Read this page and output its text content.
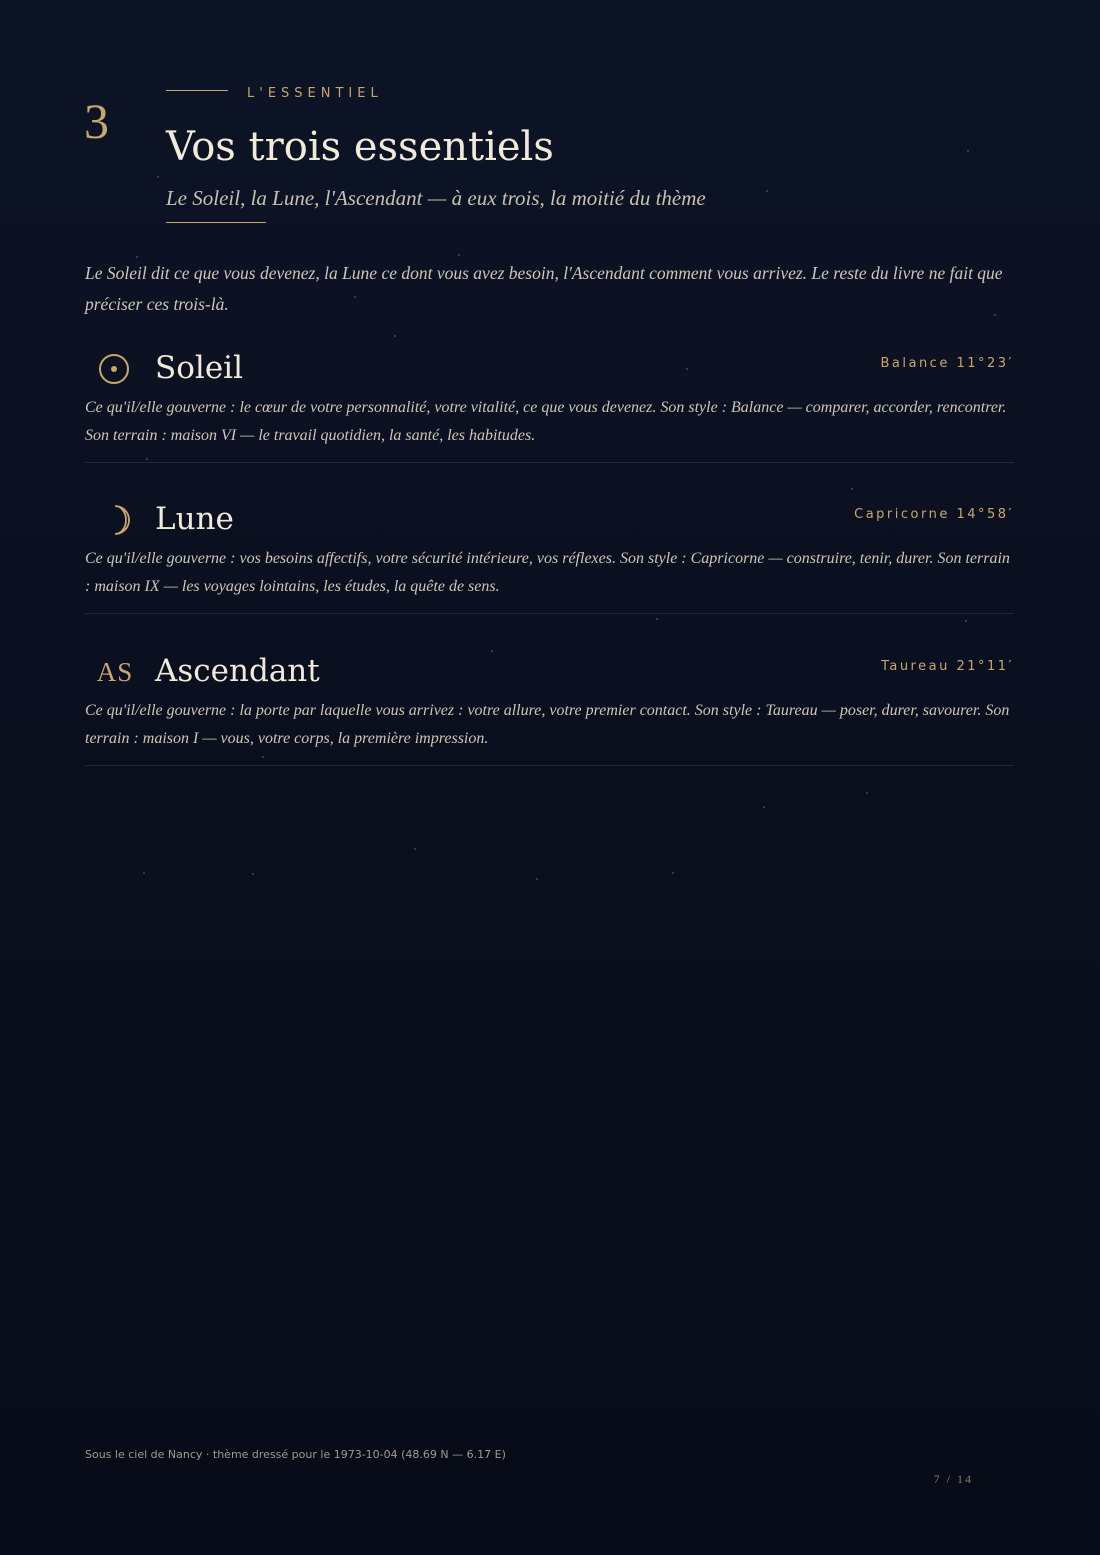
3	L'ESSENTIEL
Vos trois essentiels
Le Soleil, la Lune, l'Ascendant — à eux trois, la moitié du thème

Le Soleil dit ce que vous devenez, la Lune ce dont vous avez besoin, l'Ascendant comment vous arrivez. Le reste du livre ne fait que préciser ces trois-là.

Soleil	Balance 11°23′

Ce qu'il/elle gouverne : le cœur de votre personnalité, votre vitalité, ce que vous devenez. Son style : Balance — comparer, accorder, rencontrer. Son terrain : maison VI — le travail quotidien, la santé, les habitudes.

Lune	Capricorne 14°58′

Ce qu'il/elle gouverne : vos besoins affectifs, votre sécurité intérieure, vos réflexes. Son style : Capricorne — construire, tenir, durer. Son terrain : maison IX — les voyages lointains, les études, la quête de sens.

AS Ascendant	Taureau 21°11′

Ce qu'il/elle gouverne : la porte par laquelle vous arrivez : votre allure, votre premier contact. Son style : Taureau — poser, durer, savourer. Son terrain : maison I — vous, votre corps, la première impression.

Sous le ciel de Nancy · thème dressé pour le 1973-10-04 (48.69 N — 6.17 E)
7 / 14
